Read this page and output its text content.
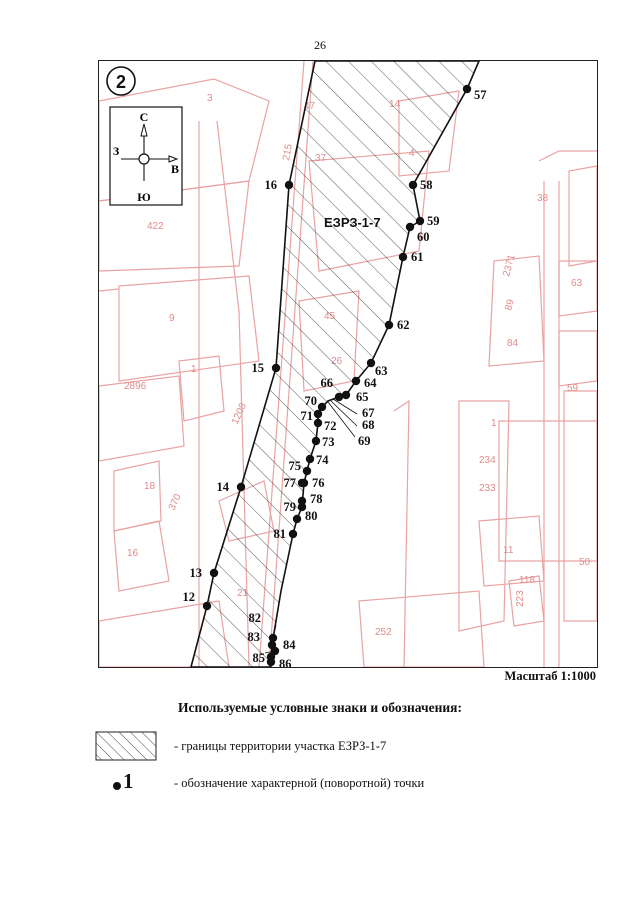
26
3
422
9
2896
1
1208
18
370
16
38
63
2371
89
84
59
1
234
233
11
118
223
50
252
215
12
13
14
15
16
57
58
59
60
61
62
63
64
65
66
67
68
69
70
71
72
73
74
75
76
77
78
79
80
81
82
83
84
85 86
ЕЗРЗ-1-7
2
С
Ю
З
В
Масштаб 1:1000
Используемые условные знаки и обозначения:
- границы территории участка ЕЗРЗ-1-7
1	- обозначение характерной (поворотной) точки
